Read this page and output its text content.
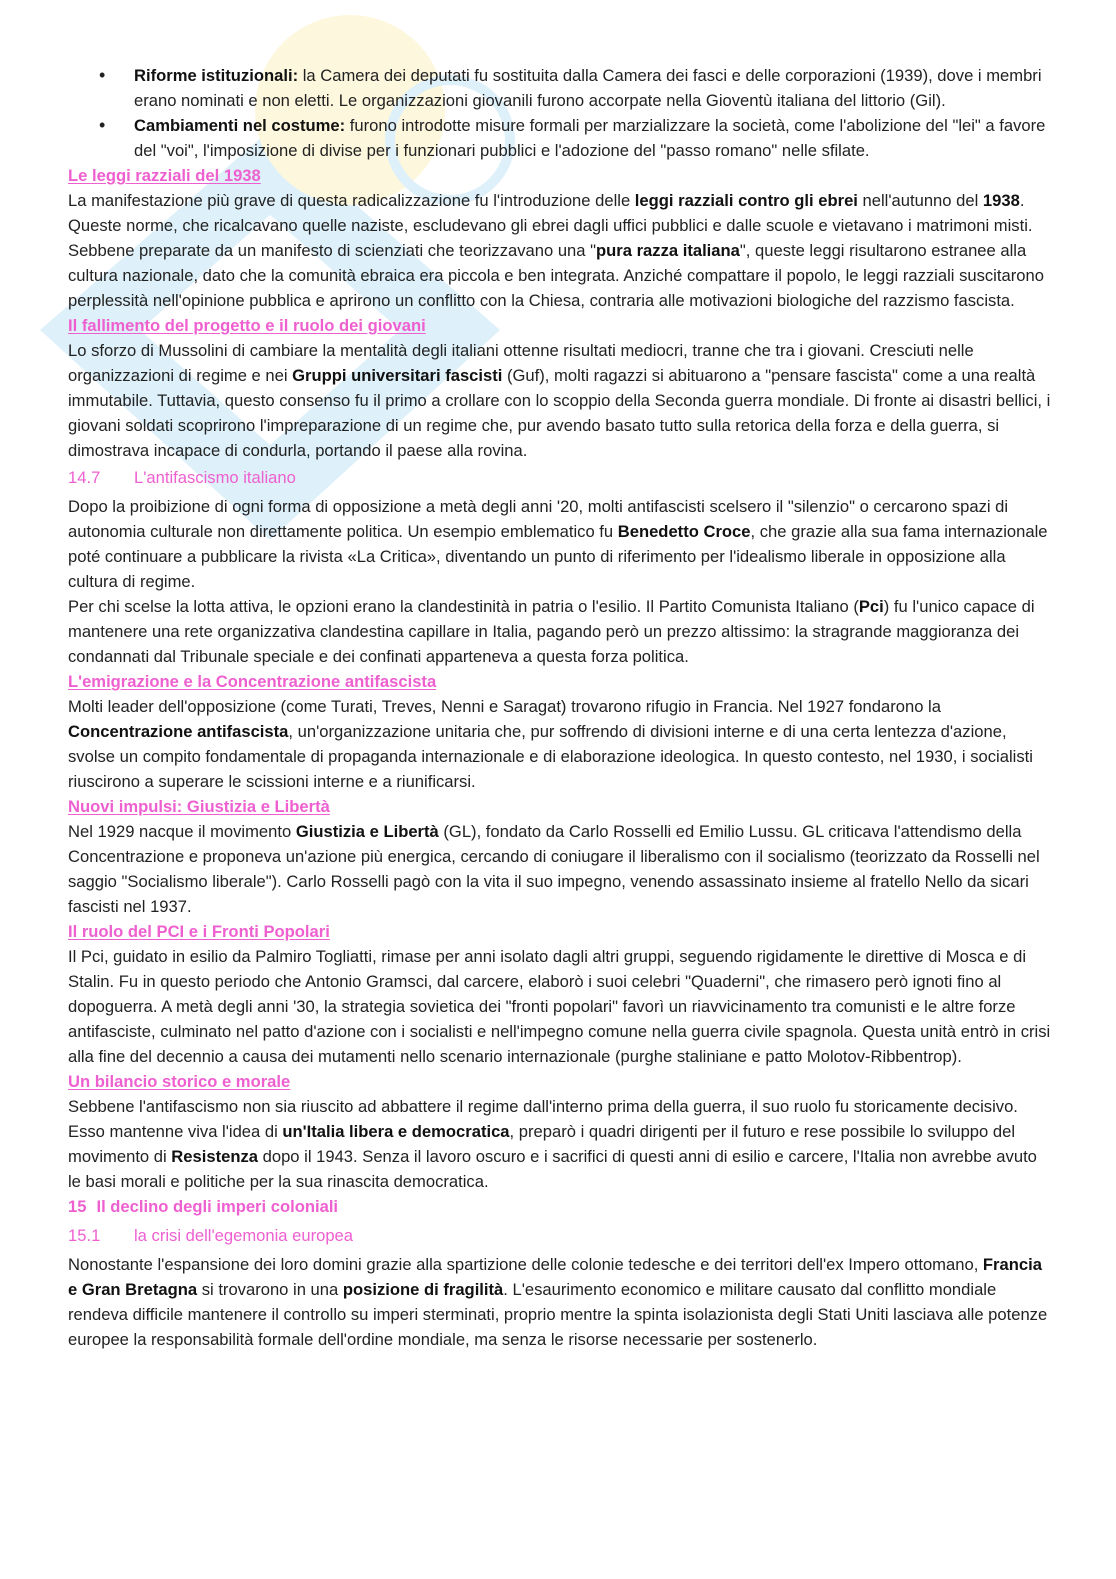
• Riforme istituzionali: la Camera dei deputati fu sostituita dalla Camera dei fasci e delle corporazioni (1939), dove i membri erano nominati e non eletti. Le organizzazioni giovanili furono accorpate nella Gioventù italiana del littorio (Gil).
• Cambiamenti nel costume: furono introdotte misure formali per marzializzare la società, come l'abolizione del "lei" a favore del "voi", l'imposizione di divise per i funzionari pubblici e l'adozione del "passo romano" nelle sfilate.
Le leggi razziali del 1938

La manifestazione più grave di questa radicalizzazione fu l'introduzione delle leggi razziali contro gli ebrei nell'autunno del 1938. Queste norme, che ricalcavano quelle naziste, escludevano gli ebrei dagli uffici pubblici e dalle scuole e vietavano i matrimoni misti. Sebbene preparate da un manifesto di scienziati che teorizzavano una "pura razza italiana", queste leggi risultarono estranee alla cultura nazionale, dato che la comunità ebraica era piccola e ben integrata. Anziché compattare il popolo, le leggi razziali suscitarono perplessità nell'opinione pubblica e aprirono un conflitto con la Chiesa, contraria alle motivazioni biologiche del razzismo fascista.

Il fallimento del progetto e il ruolo dei giovani

Lo sforzo di Mussolini di cambiare la mentalità degli italiani ottenne risultati mediocri, tranne che tra i giovani. Cresciuti nelle organizzazioni di regime e nei Gruppi universitari fascisti (Guf), molti ragazzi si abituarono a "pensare fascista" come a una realtà immutabile. Tuttavia, questo consenso fu il primo a crollare con lo scoppio della Seconda guerra mondiale. Di fronte ai disastri bellici, i giovani soldati scoprirono l'impreparazione di un regime che, pur avendo basato tutto sulla retorica della forza e della guerra, si dimostrava incapace di condurla, portando il paese alla rovina.

14.7 L'antifascismo italiano

Dopo la proibizione di ogni forma di opposizione a metà degli anni '20, molti antifascisti scelsero il "silenzio" o cercarono spazi di autonomia culturale non direttamente politica. Un esempio emblematico fu Benedetto Croce, che grazie alla sua fama internazionale poté continuare a pubblicare la rivista «La Critica», diventando un punto di riferimento per l'idealismo liberale in opposizione alla cultura di regime.

Per chi scelse la lotta attiva, le opzioni erano la clandestinità in patria o l'esilio. Il Partito Comunista Italiano (Pci) fu l'unico capace di mantenere una rete organizzativa clandestina capillare in Italia, pagando però un prezzo altissimo: la stragrande maggioranza dei condannati dal Tribunale speciale e dei confinati apparteneva a questa forza politica.

L'emigrazione e la Concentrazione antifascista

Molti leader dell'opposizione (come Turati, Treves, Nenni e Saragat) trovarono rifugio in Francia. Nel 1927 fondarono la Concentrazione antifascista, un'organizzazione unitaria che, pur soffrendo di divisioni interne e di una certa lentezza d'azione, svolse un compito fondamentale di propaganda internazionale e di elaborazione ideologica. In questo contesto, nel 1930, i socialisti riuscirono a superare le scissioni interne e a riunificarsi.

Nuovi impulsi: Giustizia e Libertà

Nel 1929 nacque il movimento Giustizia e Libertà (GL), fondato da Carlo Rosselli ed Emilio Lussu. GL criticava l'attendismo della Concentrazione e proponeva un'azione più energica, cercando di coniugare il liberalismo con il socialismo (teorizzato da Rosselli nel saggio "Socialismo liberale"). Carlo Rosselli pagò con la vita il suo impegno, venendo assassinato insieme al fratello Nello da sicari fascisti nel 1937.

Il ruolo del PCI e i Fronti Popolari

Il Pci, guidato in esilio da Palmiro Togliatti, rimase per anni isolato dagli altri gruppi, seguendo rigidamente le direttive di Mosca e di Stalin. Fu in questo periodo che Antonio Gramsci, dal carcere, elaborò i suoi celebri "Quaderni", che rimasero però ignoti fino al dopoguerra. A metà degli anni '30, la strategia sovietica dei "fronti popolari" favorì un riavvicinamento tra comunisti e le altre forze antifasciste, culminato nel patto d'azione con i socialisti e nell'impegno comune nella guerra civile spagnola. Questa unità entrò in crisi alla fine del decennio a causa dei mutamenti nello scenario internazionale (purghe staliniane e patto Molotov-Ribbentrop).

Un bilancio storico e morale

Sebbene l'antifascismo non sia riuscito ad abbattere il regime dall'interno prima della guerra, il suo ruolo fu storicamente decisivo. Esso mantenne viva l'idea di un'Italia libera e democratica, preparò i quadri dirigenti per il futuro e rese possibile lo sviluppo del movimento di Resistenza dopo il 1943. Senza il lavoro oscuro e i sacrifici di questi anni di esilio e carcere, l'Italia non avrebbe avuto le basi morali e politiche per la sua rinascita democratica.

15 Il declino degli imperi coloniali
15.1 la crisi dell'egemonia europea

Nonostante l'espansione dei loro domini grazie alla spartizione delle colonie tedesche e dei territori dell'ex Impero ottomano, Francia e Gran Bretagna si trovarono in una posizione di fragilità. L'esaurimento economico e militare causato dal conflitto mondiale rendeva difficile mantenere il controllo su imperi sterminati, proprio mentre la spinta isolazionista degli Stati Uniti lasciava alle potenze europee la responsabilità formale dell'ordine mondiale, ma senza le risorse necessarie per sostenerlo.
